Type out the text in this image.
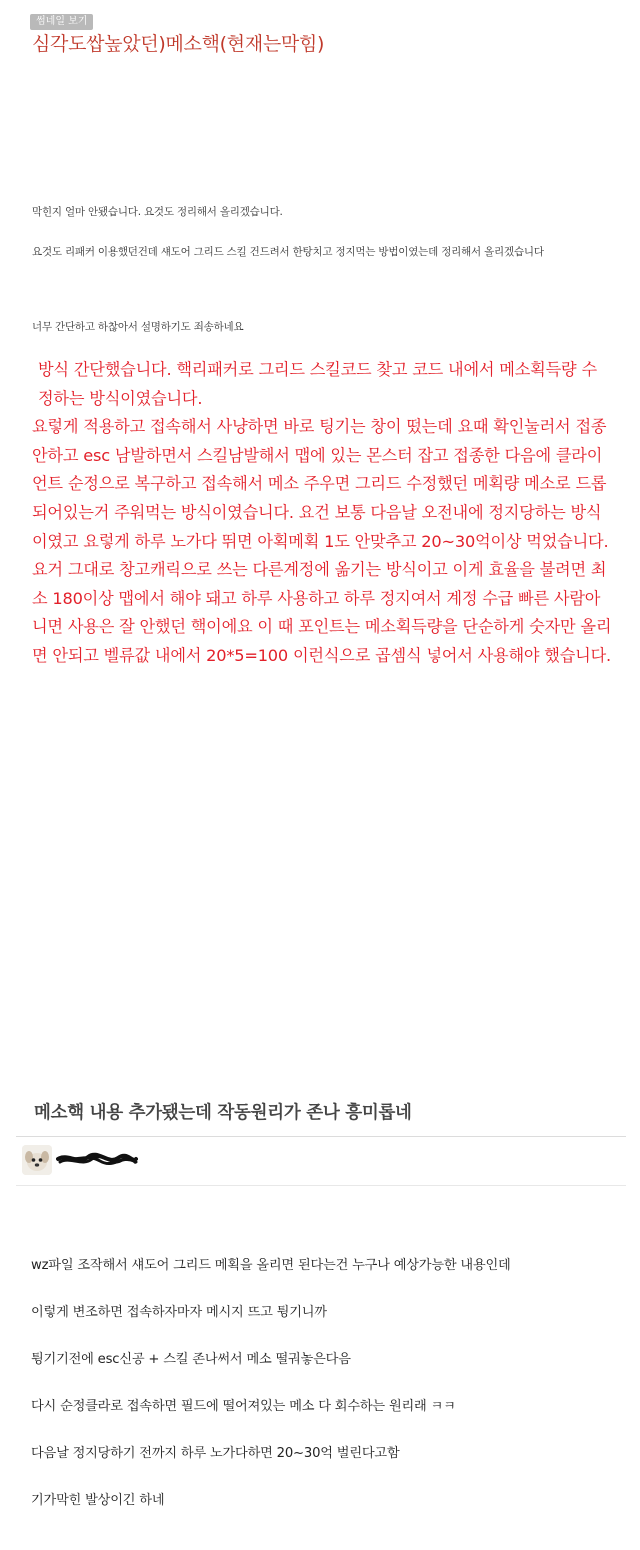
썸네일 보기
심각도쌉높았던)메소핵(현재는막힘)
막힌지 얼마 안됐습니다. 요것도 정리해서 올리겠습니다.
요것도 리패커 이용했던건데 섀도어 그리드 스킬 건드려서 한탕치고 정지먹는 방법이였는데 정리해서 올리겠습니다
너무 간단하고 하찮아서 설명하기도 죄송하네요

방식 간단했습니다. 핵리패커로 그리드 스킬코드 찾고 코드 내에서 메소획득량 수정하는 방식이였습니다.

요렇게 적용하고 접속해서 사냥하면 바로 팅기는 창이 떴는데 요때 확인눌러서 접종안하고 esc 남발하면서 스킬남발해서 맵에 있는 몬스터 잡고 접종한 다음에 클라이언트 순정으로 복구하고 접속해서 메소 주우면 그리드 수정했던 메획량 메소로 드롭되어있는거 주워먹는 방식이였습니다. 요건 보통 다음날 오전내에 정지당하는 방식이였고 요렇게 하루 노가다 뛰면 아획메획 1도 안맞추고 20~30억이상 먹었습니다. 요거 그대로 창고캐릭으로 쓰는 다른계정에 옮기는 방식이고 이게 효율을 불려면 최소 180이상 맵에서 해야 돼고 하루 사용하고 하루 정지여서 계정 수급 빠른 사람아니면 사용은 잘 안했던 핵이에요 이 때 포인트는 메소획득량을 단순하게 숫자만 올리면 안되고 벨류값 내에서 20*5=100 이런식으로 곱셈식 넣어서 사용해야 했습니다.

메소핵 내용 추가됐는데 작동원리가 존나 흥미롭네
wz파일 조작해서 섀도어 그리드 메획을 올리면 된다는건 누구나 예상가능한 내용인데
이렇게 변조하면 접속하자마자 메시지 뜨고 튕기니까
튕기기전에 esc신공 + 스킬 존나써서 메소 떨궈놓은다음
다시 순정클라로 접속하면 필드에 떨어져있는 메소 다 회수하는 원리래 ㅋㅋ
다음날 정지당하기 전까지 하루 노가다하면 20~30억 벌린다고함
기가막힌 발상이긴 하네
